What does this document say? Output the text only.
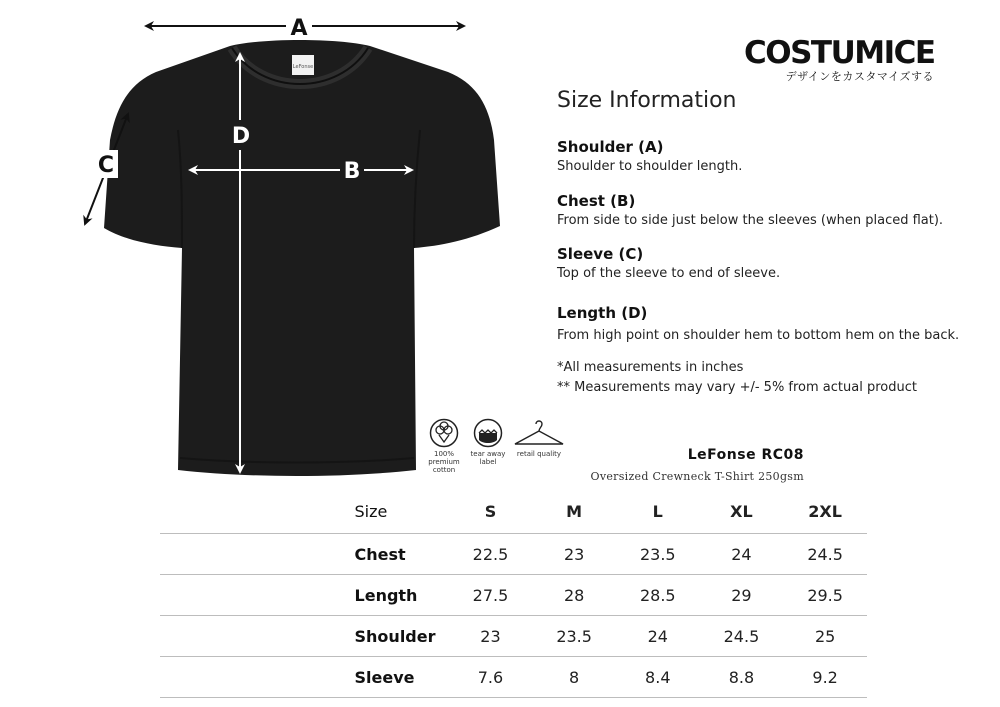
LeFonse
A
C
D
B
COSTUMICE
デザインをカスタマイズする
Size Information
Shoulder (A)
Shoulder to shoulder length.
Chest (B)
From side to side just below the sleeves (when placed flat).
Sleeve (C)
Top of the sleeve to end of sleeve.
Length (D)
From high point on shoulder hem to bottom hem on the back.
*All measurements in inches
** Measurements may vary +/- 5% from actual product
100%
premium
cotton
tear away
label
retail quality	LeFonse RC08
Oversized Crewneck T-Shirt 250gsm
	Size	S	M	L	XL	2XL
	Chest	22.5	23	23.5	24	24.5
	Length	27.5	28	28.5	29	29.5
	Shoulder	23	23.5	24	24.5	25
	Sleeve	7.6	8	8.4	8.8	9.2
